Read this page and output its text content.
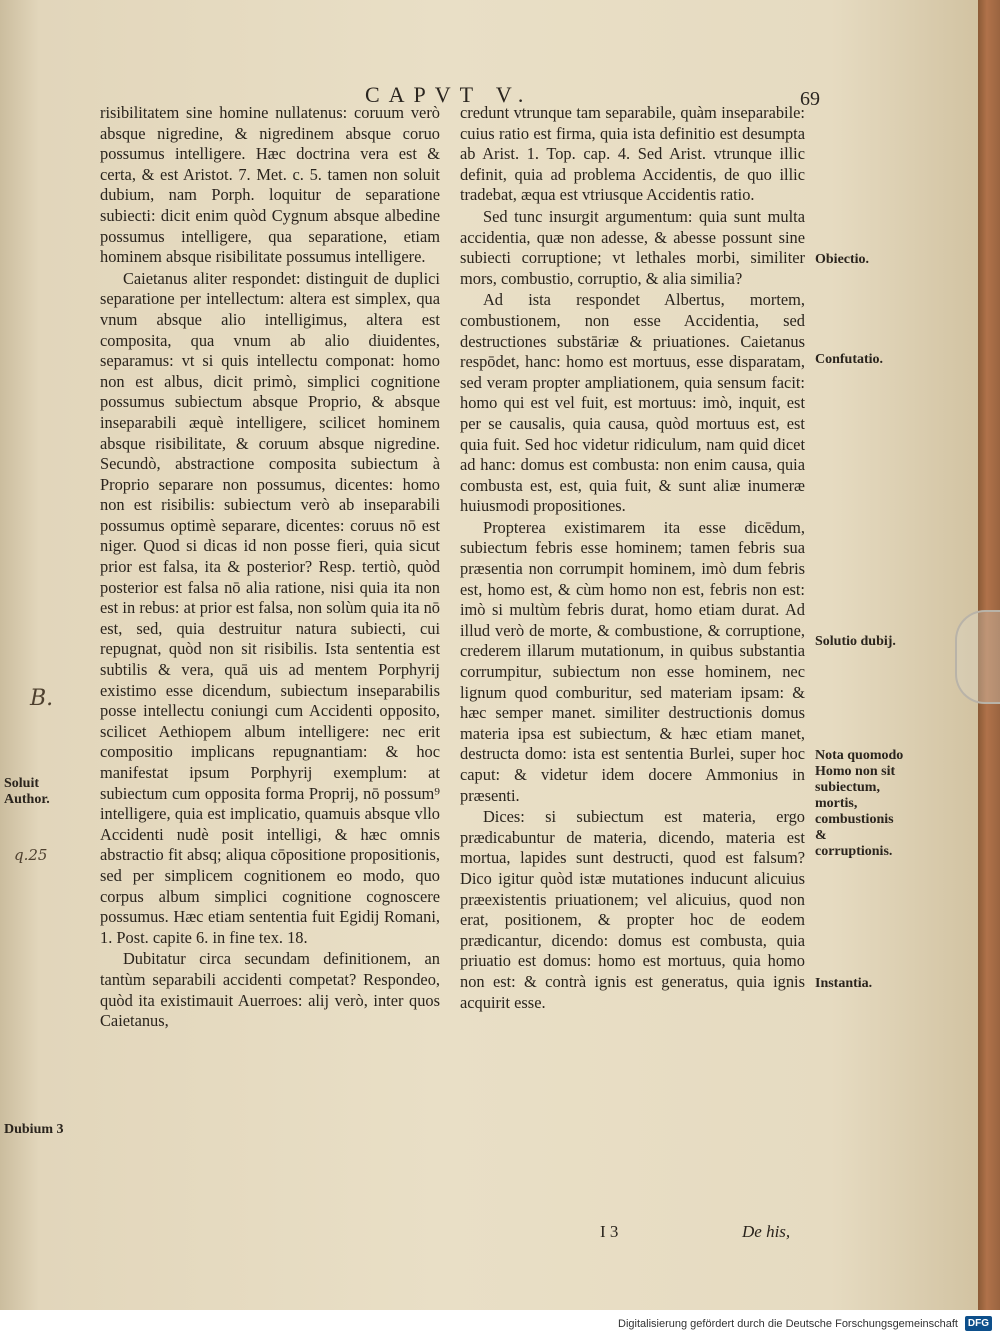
CAPVT V.	69

risibilitatem sine homine nullatenus: coruum verò absque nigredine, & nigredinem absque coruo possumus intelligere. Hæc doctrina vera est & certa, & est Aristot. 7. Met. c. 5. tamen non soluit dubium, nam Porph. loquitur de separatione subiecti: dicit enim quòd Cygnum absque albedine possumus intelligere, qua separatione, etiam hominem absque risibilitate possumus intelligere.

Caietanus aliter respondet: distinguit de duplici separatione per intellectum: altera est simplex, qua vnum absque alio intelligimus, altera est composita, qua vnum ab alio diuidentes, separamus: vt si quis intellectu componat: homo non est albus, dicit primò, simplici cognitione possumus subiectum absque Proprio, & absque inseparabili æquè intelligere, scilicet hominem absque risibilitate, & coruum absque nigredine. Secundò, abstractione composita subiectum à Proprio separare non possumus, dicentes: homo non est risibilis: subiectum verò ab inseparabili possumus optimè separare, dicentes: coruus nō est niger. Quod si dicas id non posse fieri, quia sicut prior est falsa, ita & posterior? Resp. tertiò, quòd posterior est falsa nō alia ratione, nisi quia ita non est in rebus: at prior est falsa, non solùm quia ita nō est, sed, quia destruitur natura subiecti, cui repugnat, quòd non sit risibilis. Ista sententia est subtilis & vera, quā uis ad mentem Porphyrij existimo esse dicendum, subiectum inseparabilis posse intellectu coniungi cum Accidenti opposito, scilicet Aethiopem album intelligere: nec erit compositio implicans repugnantiam: & hoc manifestat ipsum Porphyrij exemplum: at subiectum cum opposita forma Proprij, nō possum⁹ intelligere, quia est implicatio, quamuis absque vllo Accidenti nudè posit intelligi, & hæc omnis abstractio fit absq; aliqua cōpositione propositionis, sed per simplicem cognitionem eo modo, quo corpus album simplici cognitione cognoscere possumus. Hæc etiam sententia fuit Egidij Romani, 1. Post. capite 6. in fine tex. 18.

Dubitatur circa secundam definitionem, an tantùm separabili accidenti competat? Respondeo, quòd ita existimauit Auerroes: alij verò, inter quos Caietanus,

credunt vtrunque tam separabile, quàm inseparabile: cuius ratio est firma, quia ista definitio est desumpta ab Arist. 1. Top. cap. 4. Sed Arist. vtrunque illic definit, quia ad problema Accidentis, de quo illic tradebat, æqua est vtriusque Accidentis ratio.

Sed tunc insurgit argumentum: quia sunt multa accidentia, quæ non adesse, & abesse possunt sine subiecti corruptione; vt lethales morbi, similiter mors, combustio, corruptio, & alia similia?

Ad ista respondet Albertus, mortem, combustionem, non esse Accidentia, sed destructiones substāriæ & priuationes. Caietanus respōdet, hanc: homo est mortuus, esse disparatam, sed veram propter ampliationem, quia sensum facit: homo qui est vel fuit, est mortuus: imò, inquit, est per se causalis, quia causa, quòd mortuus est, est quia fuit. Sed hoc videtur ridiculum, nam quid dicet ad hanc: domus est combusta: non enim causa, quia combusta est, est, quia fuit, & sunt aliæ inumeræ huiusmodi propositiones.

Propterea existimarem ita esse dicēdum, subiectum febris esse hominem; tamen febris sua præsentia non corrumpit hominem, imò dum febris est, homo est, & cùm homo non est, febris non est: imò si multùm febris durat, homo etiam durat. Ad illud verò de morte, & combustione, & corruptione, crederem illarum mutationum, in quibus substantia corrumpitur, subiectum non esse hominem, nec lignum quod comburitur, sed materiam ipsam: & hæc semper manet. similiter destructionis domus materia ipsa est subiectum, & hæc etiam manet, destructa domo: ista est sententia Burlei, super hoc caput: & videtur idem docere Ammonius in præsenti.

Dices: si subiectum est materia, ergo prædicabuntur de materia, dicendo, materia est mortua, lapides sunt destructi, quod est falsum? Dico igitur quòd istæ mutationes inducunt alicuius præexistentis priuationem; vel alicuius, quod non erat, positionem, & propter hoc de eodem prædicantur, dicendo: domus est combusta, quia priuatio est domus: homo est mortuus, quia homo non est: & contrà ignis est generatus, quia ignis acquirit esse.

Obiectio.
Confutatio.
Solutio dubij.
Nota quomodo Homo non sit subiectum, mortis, combustionis & corruptionis.
Instantia.
Soluit Author.
Dubium 3
B.
q.25
I 3	De his,
Digitalisierung gefördert durch die Deutsche Forschungsgemeinschaft DFG
